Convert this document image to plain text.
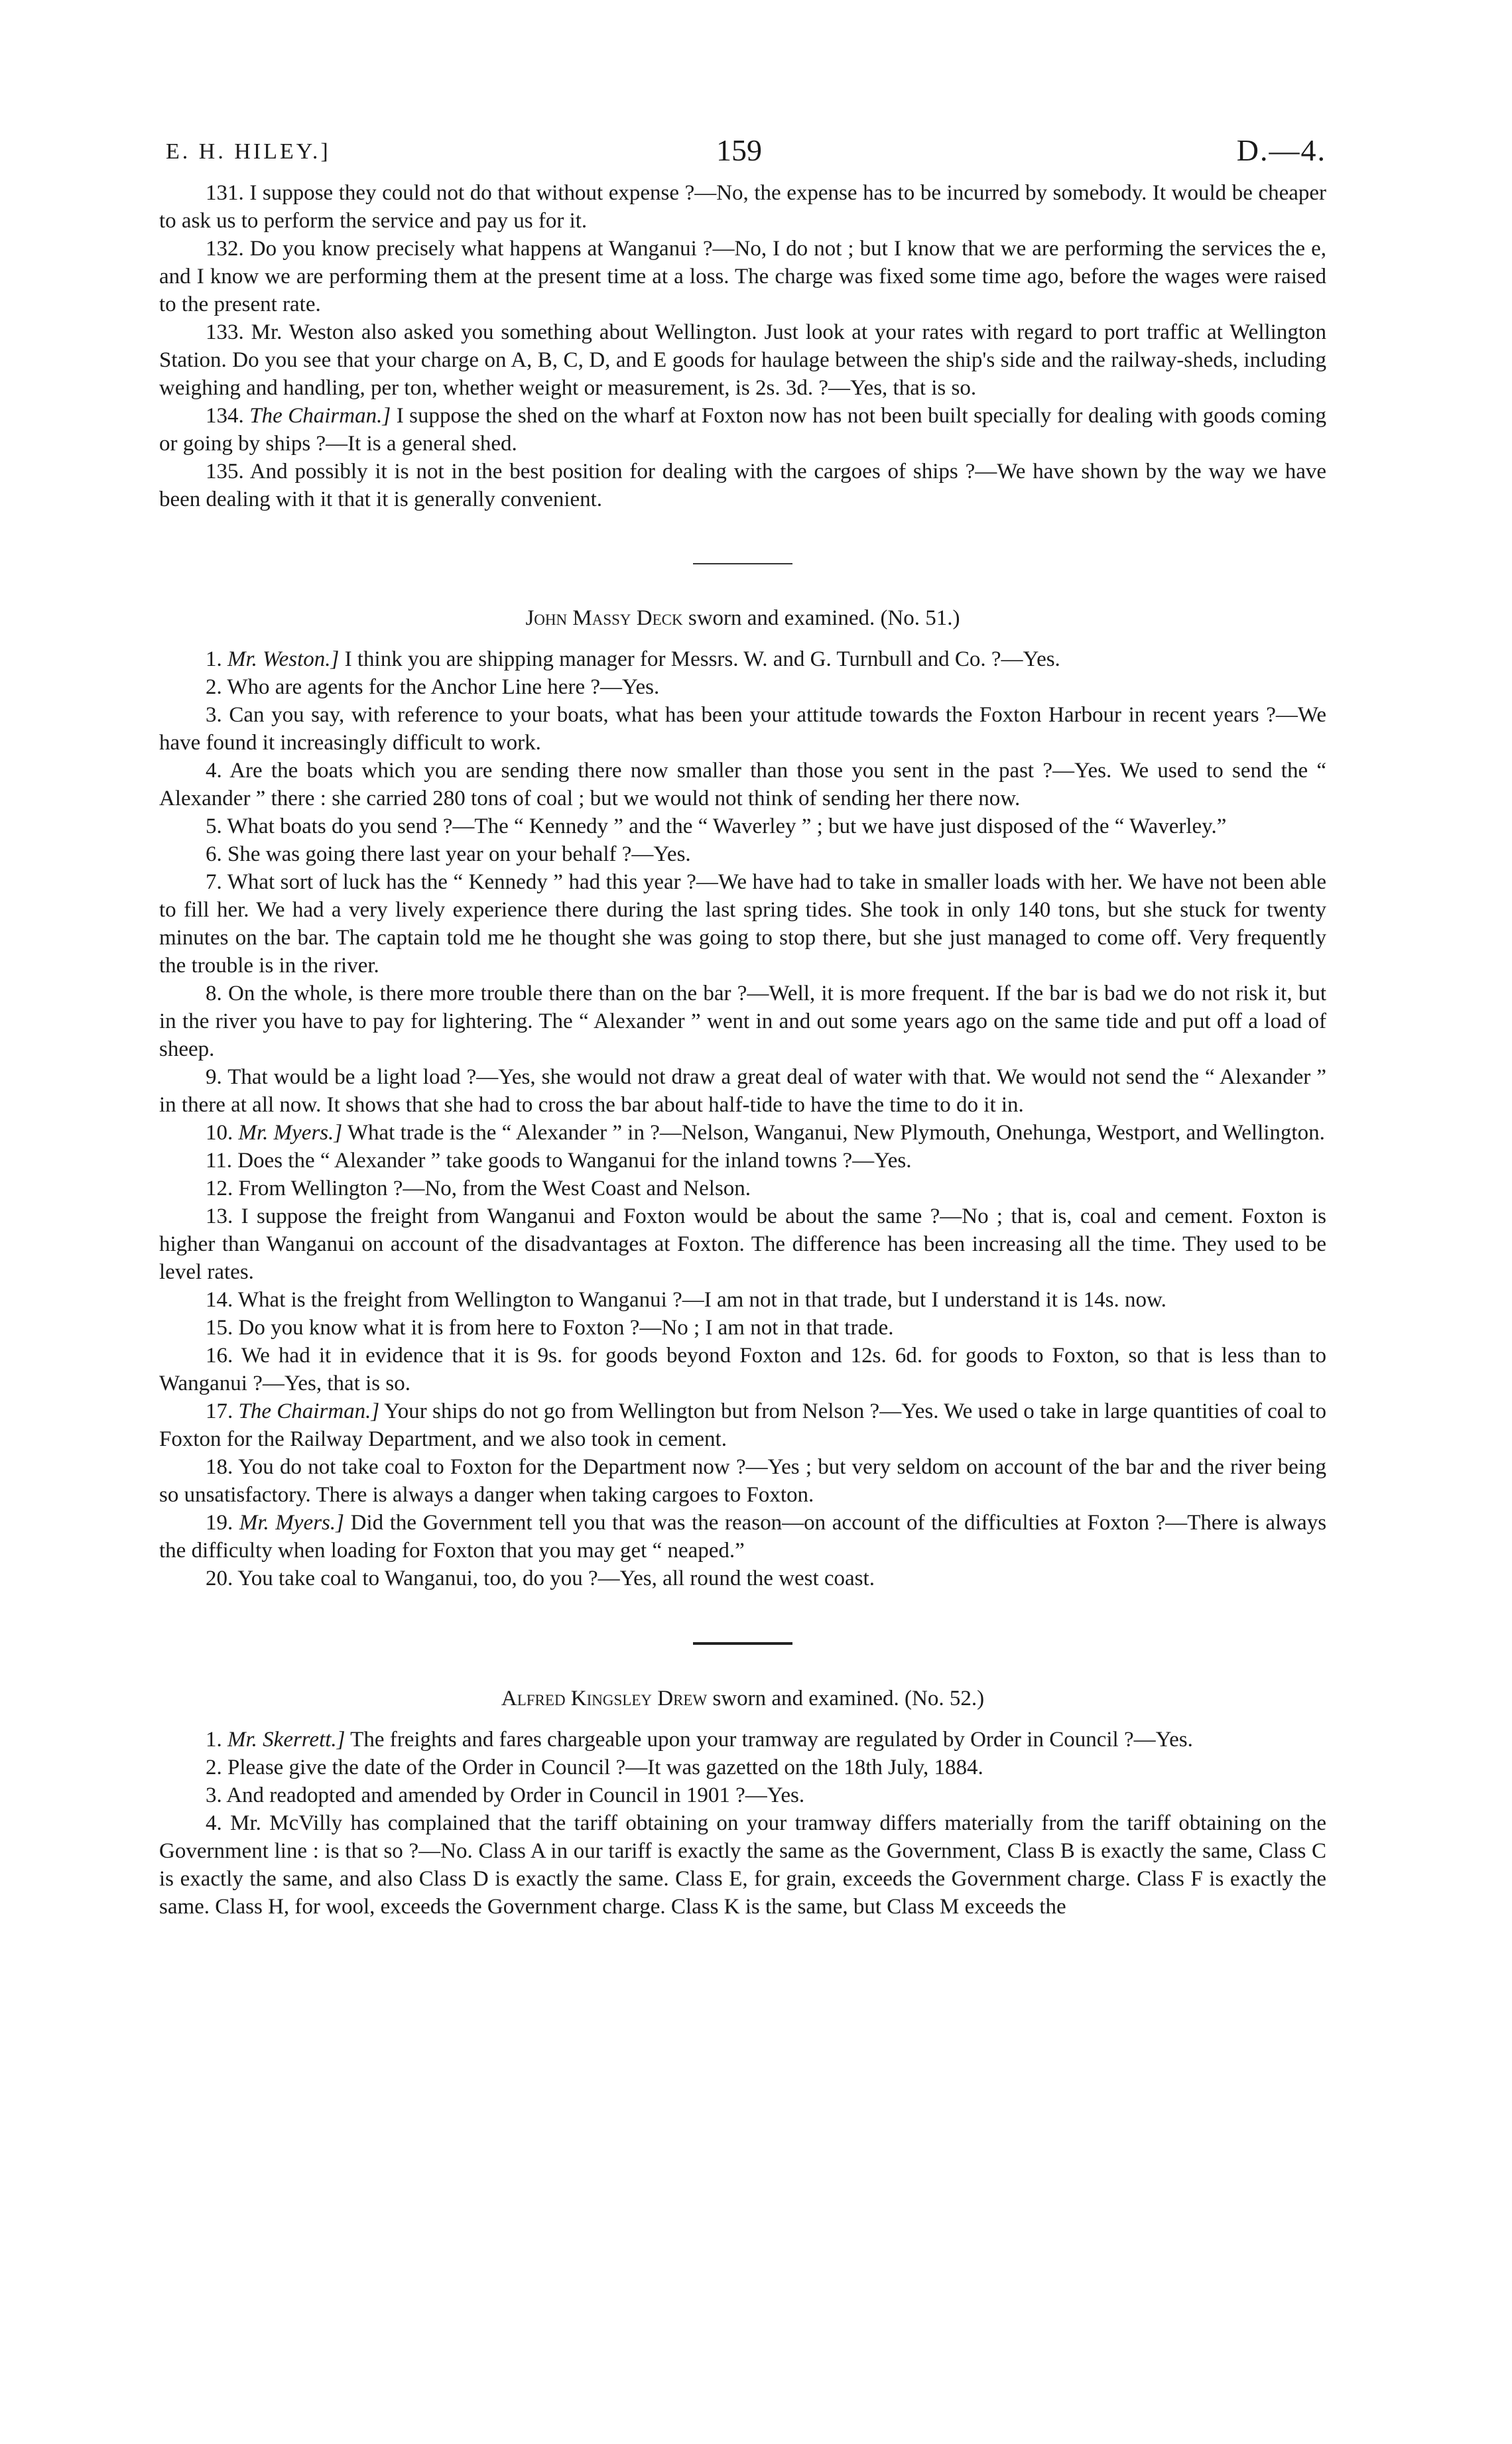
E. H. HILEY.]	159	D.—4.

131. I suppose they could not do that without expense ?—No, the expense has to be incurred by somebody. It would be cheaper to ask us to perform the service and pay us for it.

132. Do you know precisely what happens at Wanganui ?—No, I do not ; but I know that we are performing the services the e, and I know we are performing them at the present time at a loss. The charge was fixed some time ago, before the wages were raised to the present rate.

133. Mr. Weston also asked you something about Wellington. Just look at your rates with regard to port traffic at Wellington Station. Do you see that your charge on A, B, C, D, and E goods for haulage between the ship's side and the railway-sheds, including weighing and handling, per ton, whether weight or measurement, is 2s. 3d. ?—Yes, that is so.

134. The Chairman.] I suppose the shed on the wharf at Foxton now has not been built specially for dealing with goods coming or going by ships ?—It is a general shed.

135. And possibly it is not in the best position for dealing with the cargoes of ships ?—We have shown by the way we have been dealing with it that it is generally convenient.

John Massy Deck sworn and examined. (No. 51.)

1. Mr. Weston.] I think you are shipping manager for Messrs. W. and G. Turnbull and Co. ?—Yes.

2. Who are agents for the Anchor Line here ?—Yes.

3. Can you say, with reference to your boats, what has been your attitude towards the Foxton Harbour in recent years ?—We have found it increasingly difficult to work.

4. Are the boats which you are sending there now smaller than those you sent in the past ?—Yes. We used to send the “ Alexander ” there : she carried 280 tons of coal ; but we would not think of sending her there now.

5. What boats do you send ?—The “ Kennedy ” and the “ Waverley ” ; but we have just disposed of the “ Waverley.”

6. She was going there last year on your behalf ?—Yes.

7. What sort of luck has the “ Kennedy ” had this year ?—We have had to take in smaller loads with her. We have not been able to fill her. We had a very lively experience there during the last spring tides. She took in only 140 tons, but she stuck for twenty minutes on the bar. The captain told me he thought she was going to stop there, but she just managed to come off. Very frequently the trouble is in the river.

8. On the whole, is there more trouble there than on the bar ?—Well, it is more frequent. If the bar is bad we do not risk it, but in the river you have to pay for lightering. The “ Alexander ” went in and out some years ago on the same tide and put off a load of sheep.

9. That would be a light load ?—Yes, she would not draw a great deal of water with that. We would not send the “ Alexander ” in there at all now. It shows that she had to cross the bar about half-tide to have the time to do it in.

10. Mr. Myers.] What trade is the “ Alexander ” in ?—Nelson, Wanganui, New Plymouth, Onehunga, Westport, and Wellington.

11. Does the “ Alexander ” take goods to Wanganui for the inland towns ?—Yes.

12. From Wellington ?—No, from the West Coast and Nelson.

13. I suppose the freight from Wanganui and Foxton would be about the same ?—No ; that is, coal and cement. Foxton is higher than Wanganui on account of the disadvantages at Foxton. The difference has been increasing all the time. They used to be level rates.

14. What is the freight from Wellington to Wanganui ?—I am not in that trade, but I understand it is 14s. now.

15. Do you know what it is from here to Foxton ?—No ; I am not in that trade.

16. We had it in evidence that it is 9s. for goods beyond Foxton and 12s. 6d. for goods to Foxton, so that is less than to Wanganui ?—Yes, that is so.

17. The Chairman.] Your ships do not go from Wellington but from Nelson ?—Yes. We used o take in large quantities of coal to Foxton for the Railway Department, and we also took in cement.

18. You do not take coal to Foxton for the Department now ?—Yes ; but very seldom on account of the bar and the river being so unsatisfactory. There is always a danger when taking cargoes to Foxton.

19. Mr. Myers.] Did the Government tell you that was the reason—on account of the difficulties at Foxton ?—There is always the difficulty when loading for Foxton that you may get “ neaped.”

20. You take coal to Wanganui, too, do you ?—Yes, all round the west coast.

Alfred Kingsley Drew sworn and examined. (No. 52.)

1. Mr. Skerrett.] The freights and fares chargeable upon your tramway are regulated by Order in Council ?—Yes.

2. Please give the date of the Order in Council ?—It was gazetted on the 18th July, 1884.

3. And readopted and amended by Order in Council in 1901 ?—Yes.

4. Mr. McVilly has complained that the tariff obtaining on your tramway differs materially from the tariff obtaining on the Government line : is that so ?—No. Class A in our tariff is exactly the same as the Government, Class B is exactly the same, Class C is exactly the same, and also Class D is exactly the same. Class E, for grain, exceeds the Government charge. Class F is exactly the same. Class H, for wool, exceeds the Government charge. Class K is the same, but Class M exceeds the
